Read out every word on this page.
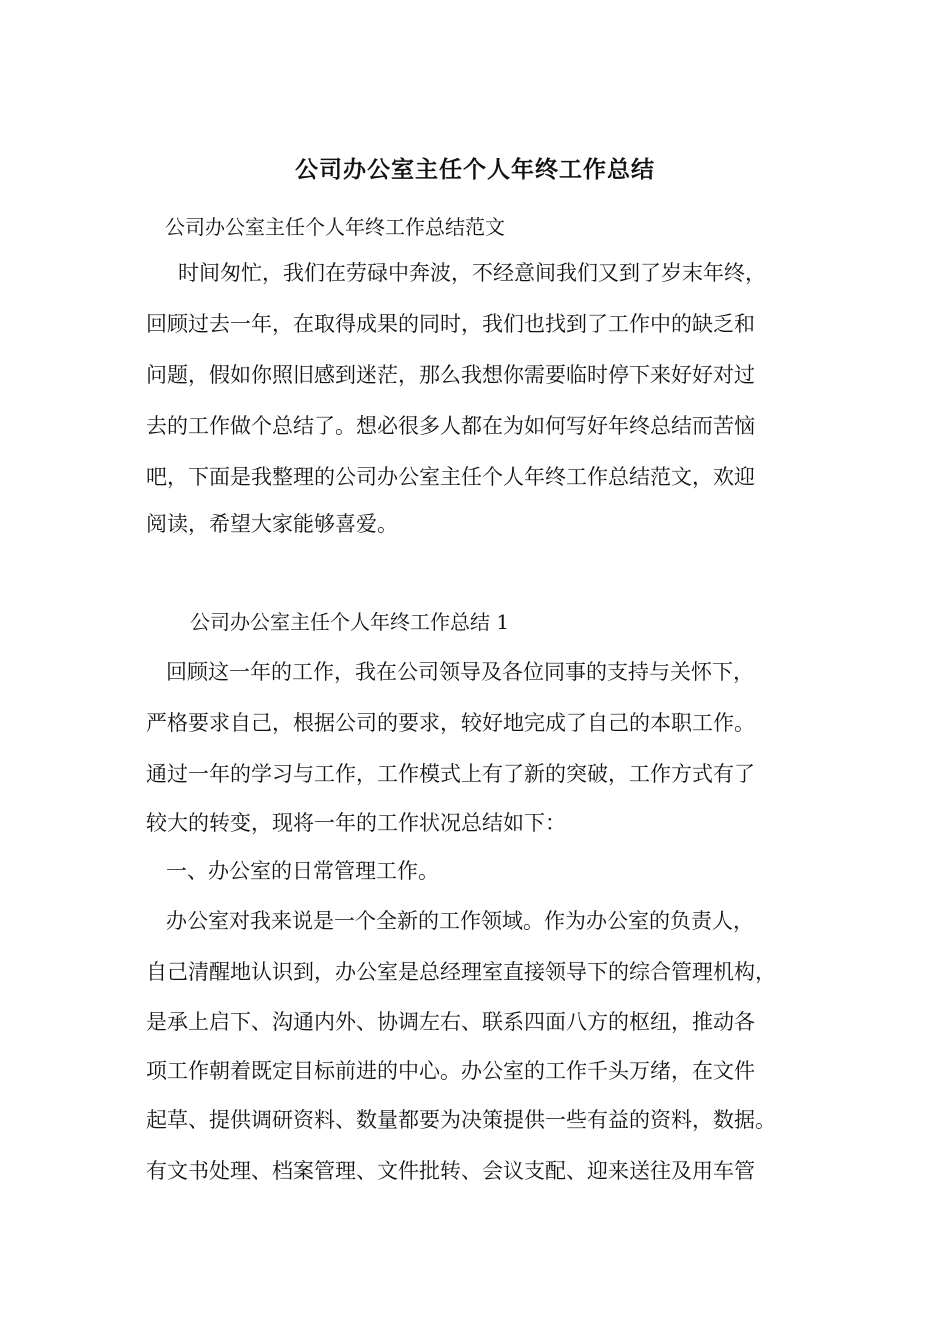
公司办公室主任个人年终工作总结
公司办公室主任个人年终工作总结范文
时间匆忙，我们在劳碌中奔波，不经意间我们又到了岁末年终，
回顾过去一年，在取得成果的同时，我们也找到了工作中的缺乏和
问题，假如你照旧感到迷茫，那么我想你需要临时停下来好好对过
去的工作做个总结了。想必很多人都在为如何写好年终总结而苦恼
吧，下面是我整理的公司办公室主任个人年终工作总结范文，欢迎
阅读，希望大家能够喜爱。
公司办公室主任个人年终工作总结 1
回顾这一年的工作，我在公司领导及各位同事的支持与关怀下，
严格要求自己，根据公司的要求，较好地完成了自己的本职工作。
通过一年的学习与工作，工作模式上有了新的突破，工作方式有了
较大的转变，现将一年的工作状况总结如下：
一、办公室的日常管理工作。
办公室对我来说是一个全新的工作领域。作为办公室的负责人，
自己清醒地认识到，办公室是总经理室直接领导下的综合管理机构，
是承上启下、沟通内外、协调左右、联系四面八方的枢纽，推动各
项工作朝着既定目标前进的中心。办公室的工作千头万绪，在文件
起草、提供调研资料、数量都要为决策提供一些有益的资料，数据。
有文书处理、档案管理、文件批转、会议支配、迎来送往及用车管
